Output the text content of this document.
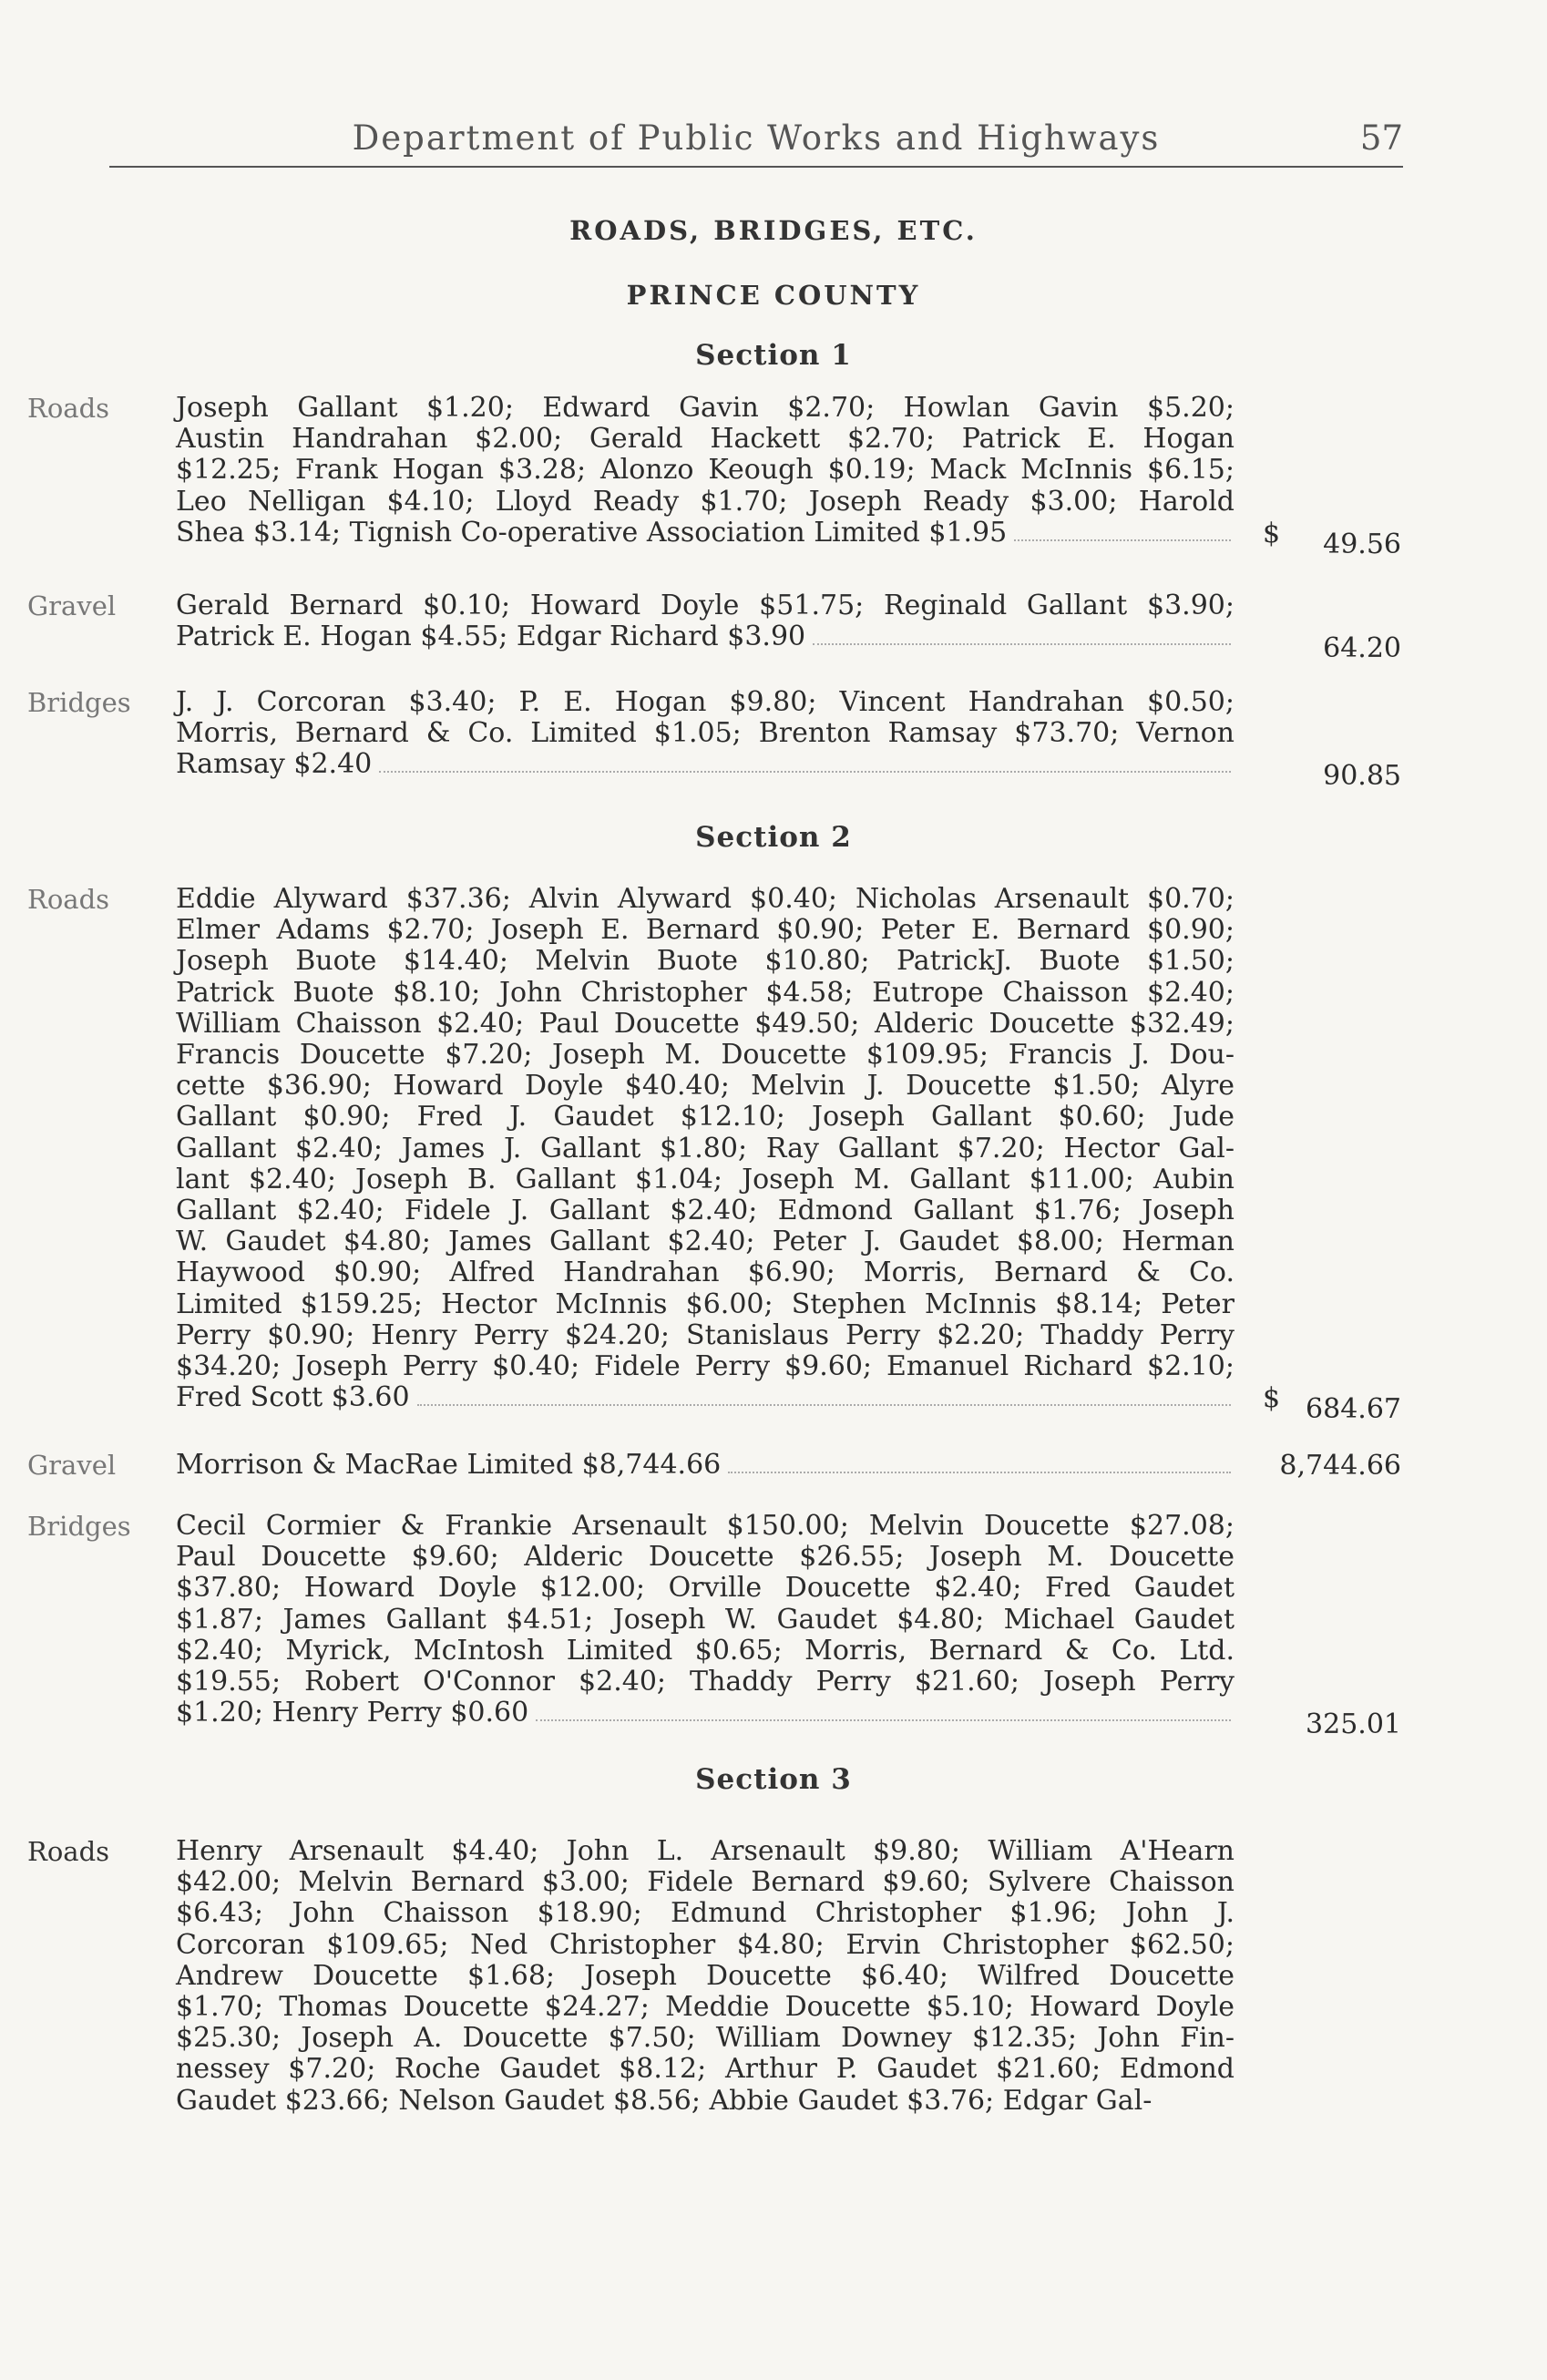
Department of Public Works and Highways	57
ROADS, BRIDGES, ETC.
PRINCE COUNTY
Section 1
Roads Joseph Gallant $1.20; Edward Gavin $2.70; Howlan Gavin $5.20;
Austin Handrahan $2.00; Gerald Hackett $2.70; Patrick E. Hogan
$12.25; Frank Hogan $3.28; Alonzo Keough $0.19; Mack McInnis $6.15;
Leo Nelligan $4.10; Lloyd Ready $1.70; Joseph Ready $3.00; Harold
Shea $3.14; Tignish Co-operative Association Limited $1.95	$ 49.56
Gravel Gerald Bernard $0.10; Howard Doyle $51.75; Reginald Gallant $3.90;
Patrick E. Hogan $4.55; Edgar Richard $3.90	64.20
Bridges J. J. Corcoran $3.40; P. E. Hogan $9.80; Vincent Handrahan $0.50;
Morris, Bernard & Co. Limited $1.05; Brenton Ramsay $73.70; Vernon
Ramsay $2.40	90.85
Section 2
Roads Eddie Alyward $37.36; Alvin Alyward $0.40; Nicholas Arsenault $0.70;
Elmer Adams $2.70; Joseph E. Bernard $0.90; Peter E. Bernard $0.90;
Joseph Buote $14.40; Melvin Buote $10.80; PatrickJ. Buote $1.50;
Patrick Buote $8.10; John Christopher $4.58; Eutrope Chaisson $2.40;
William Chaisson $2.40; Paul Doucette $49.50; Alderic Doucette $32.49;
Francis Doucette $7.20; Joseph M. Doucette $109.95; Francis J. Dou-
cette $36.90; Howard Doyle $40.40; Melvin J. Doucette $1.50; Alyre
Gallant $0.90; Fred J. Gaudet $12.10; Joseph Gallant $0.60; Jude
Gallant $2.40; James J. Gallant $1.80; Ray Gallant $7.20; Hector Gal-
lant $2.40; Joseph B. Gallant $1.04; Joseph M. Gallant $11.00; Aubin
Gallant $2.40; Fidele J. Gallant $2.40; Edmond Gallant $1.76; Joseph
W. Gaudet $4.80; James Gallant $2.40; Peter J. Gaudet $8.00; Herman
Haywood $0.90; Alfred Handrahan $6.90; Morris, Bernard & Co.
Limited $159.25; Hector McInnis $6.00; Stephen McInnis $8.14; Peter
Perry $0.90; Henry Perry $24.20; Stanislaus Perry $2.20; Thaddy Perry
$34.20; Joseph Perry $0.40; Fidele Perry $9.60; Emanuel Richard $2.10;
Fred Scott $3.60	$ 684.67
Gravel Morrison & MacRae Limited $8,744.66	8,744.66
Bridges Cecil Cormier & Frankie Arsenault $150.00; Melvin Doucette $27.08;
Paul Doucette $9.60; Alderic Doucette $26.55; Joseph M. Doucette
$37.80; Howard Doyle $12.00; Orville Doucette $2.40; Fred Gaudet
$1.87; James Gallant $4.51; Joseph W. Gaudet $4.80; Michael Gaudet
$2.40; Myrick, McIntosh Limited $0.65; Morris, Bernard & Co. Ltd.
$19.55; Robert O'Connor $2.40; Thaddy Perry $21.60; Joseph Perry
$1.20; Henry Perry $0.60	325.01
Section 3
Roads Henry Arsenault $4.40; John L. Arsenault $9.80; William A'Hearn
$42.00; Melvin Bernard $3.00; Fidele Bernard $9.60; Sylvere Chaisson
$6.43; John Chaisson $18.90; Edmund Christopher $1.96; John J.
Corcoran $109.65; Ned Christopher $4.80; Ervin Christopher $62.50;
Andrew Doucette $1.68; Joseph Doucette $6.40; Wilfred Doucette
$1.70; Thomas Doucette $24.27; Meddie Doucette $5.10; Howard Doyle
$25.30; Joseph A. Doucette $7.50; William Downey $12.35; John Fin-
nessey $7.20; Roche Gaudet $8.12; Arthur P. Gaudet $21.60; Edmond
Gaudet $23.66; Nelson Gaudet $8.56; Abbie Gaudet $3.76; Edgar Gal-
